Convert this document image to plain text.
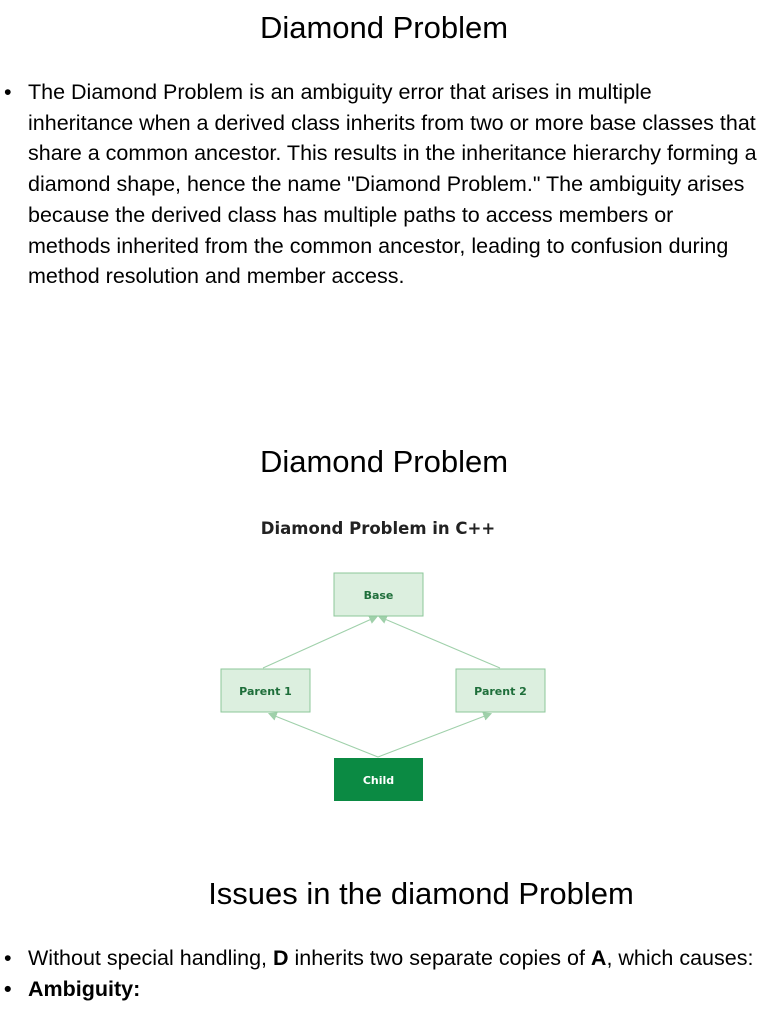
Diamond Problem
• The Diamond Problem is an ambiguity error that arises in multiple inheritance when a derived class inherits from two or more base classes that share a common ancestor. This results in the inheritance hierarchy forming a diamond shape, hence the name "Diamond Problem." The ambiguity arises because the derived class has multiple paths to access members or methods inherited from the common ancestor, leading to confusion during method resolution and member access.
Diamond Problem
Diamond Problem in C++
Base
Parent 1	Parent 2
Child
Issues in the diamond Problem
• Without special handling, D inherits two separate copies of A, which causes:
• Ambiguity:
